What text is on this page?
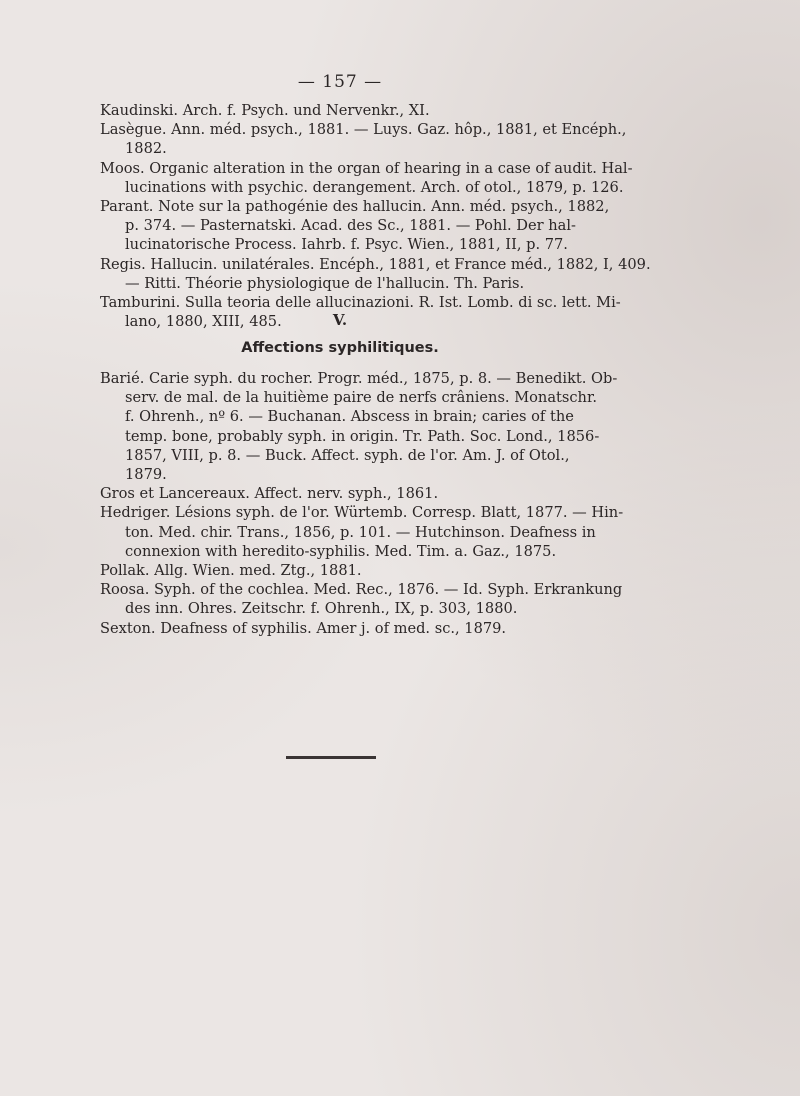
— 157 —
Kaudinski. Arch. f. Psych. und Nervenkr., XI.
Lasègue. Ann. méd. psych., 1881. — Luys. Gaz. hôp., 1881, et Encéph.,
1882.
Moos. Organic alteration in the organ of hearing in a case of audit. Hal-
lucinations with psychic. derangement. Arch. of otol., 1879, p. 126.
Parant. Note sur la pathogénie des hallucin. Ann. méd. psych., 1882,
p. 374. — Pasternatski. Acad. des Sc., 1881. — Pohl. Der hal-
lucinatorische Process. Iahrb. f. Psyc. Wien., 1881, II, p. 77.
Regis. Hallucin. unilatérales. Encéph., 1881, et France méd., 1882, I, 409.
— Ritti. Théorie physiologique de l'hallucin. Th. Paris.
Tamburini. Sulla teoria delle allucinazioni. R. Ist. Lomb. di sc. lett. Mi-
lano, 1880, XIII, 485.	V.
Affections syphilitiques.
Barié. Carie syph. du rocher. Progr. méd., 1875, p. 8. — Benedikt. Ob-
serv. de mal. de la huitième paire de nerfs crâniens. Monatschr.
f. Ohrenh., nº 6. — Buchanan. Abscess in brain; caries of the
temp. bone, probably syph. in origin. Tr. Path. Soc. Lond., 1856-
1857, VIII, p. 8. — Buck. Affect. syph. de l'or. Am. J. of Otol.,
1879.
Gros et Lancereaux. Affect. nerv. syph., 1861.
Hedriger. Lésions syph. de l'or. Würtemb. Corresp. Blatt, 1877. — Hin-
ton. Med. chir. Trans., 1856, p. 101. — Hutchinson. Deafness in
connexion with heredito-syphilis. Med. Tim. a. Gaz., 1875.
Pollak. Allg. Wien. med. Ztg., 1881.
Roosa. Syph. of the cochlea. Med. Rec., 1876. — Id. Syph. Erkrankung
des inn. Ohres. Zeitschr. f. Ohrenh., IX, p. 303, 1880.
Sexton. Deafness of syphilis. Amer j. of med. sc., 1879.
